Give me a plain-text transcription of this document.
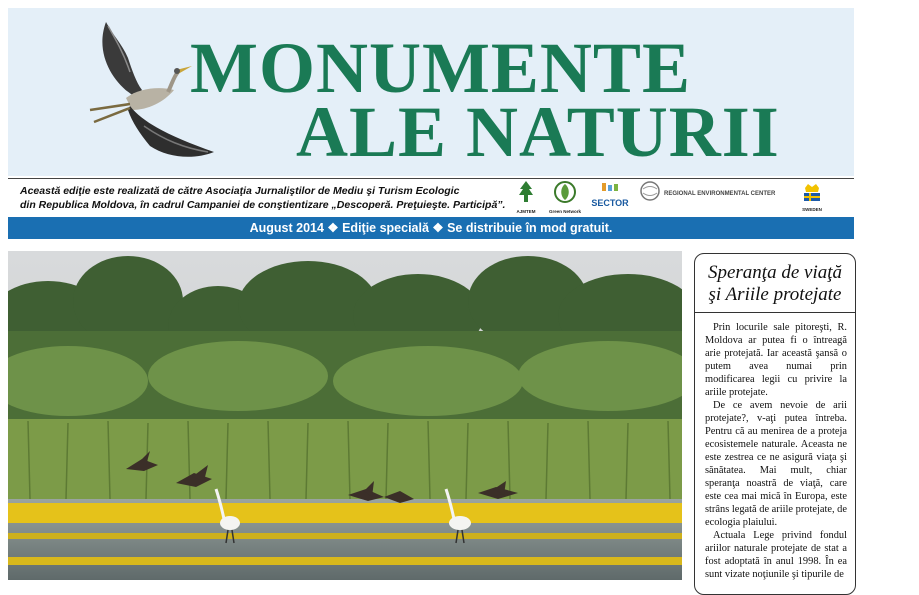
MONUMENTE
ALE NATURII
Această ediţie este realizată de către Asociaţia Jurnaliştilor de Mediu şi Turism Ecologic
din Republica Moldova, în cadrul Campaniei de conştientizare „Descoperă. Preţuieşte. Participă”.
AJMTEM	Green Network
SECTOR
REGIONAL ENVIRONMENTAL CENTER
SWEDEN
August 2014 ❖ Ediţie specială ❖ Se distribuie în mod gratuit.
Speranţa de viaţă şi Ariile protejate

Prin locurile sale pitoreşti, R. Moldova ar putea fi o întreagă arie protejată. Iar această şansă o putem avea numai prin modificarea legii cu privire la ariile protejate.

De ce avem nevoie de arii protejate?, v-aţi putea întreba. Pentru că au menirea de a proteja ecosistemele naturale. Aceasta ne este zestrea ce ne asigură viaţa şi sănătatea. Mai mult, chiar speranţa noastră de viaţă, care este cea mai mică în Europa, este strâns legată de ariile protejate, de ecologia plaiului.

Actuala Lege privind fondul ariilor naturale protejate de stat a fost adoptată în anul 1998. În ea sunt vizate noţiunile şi tipurile de
